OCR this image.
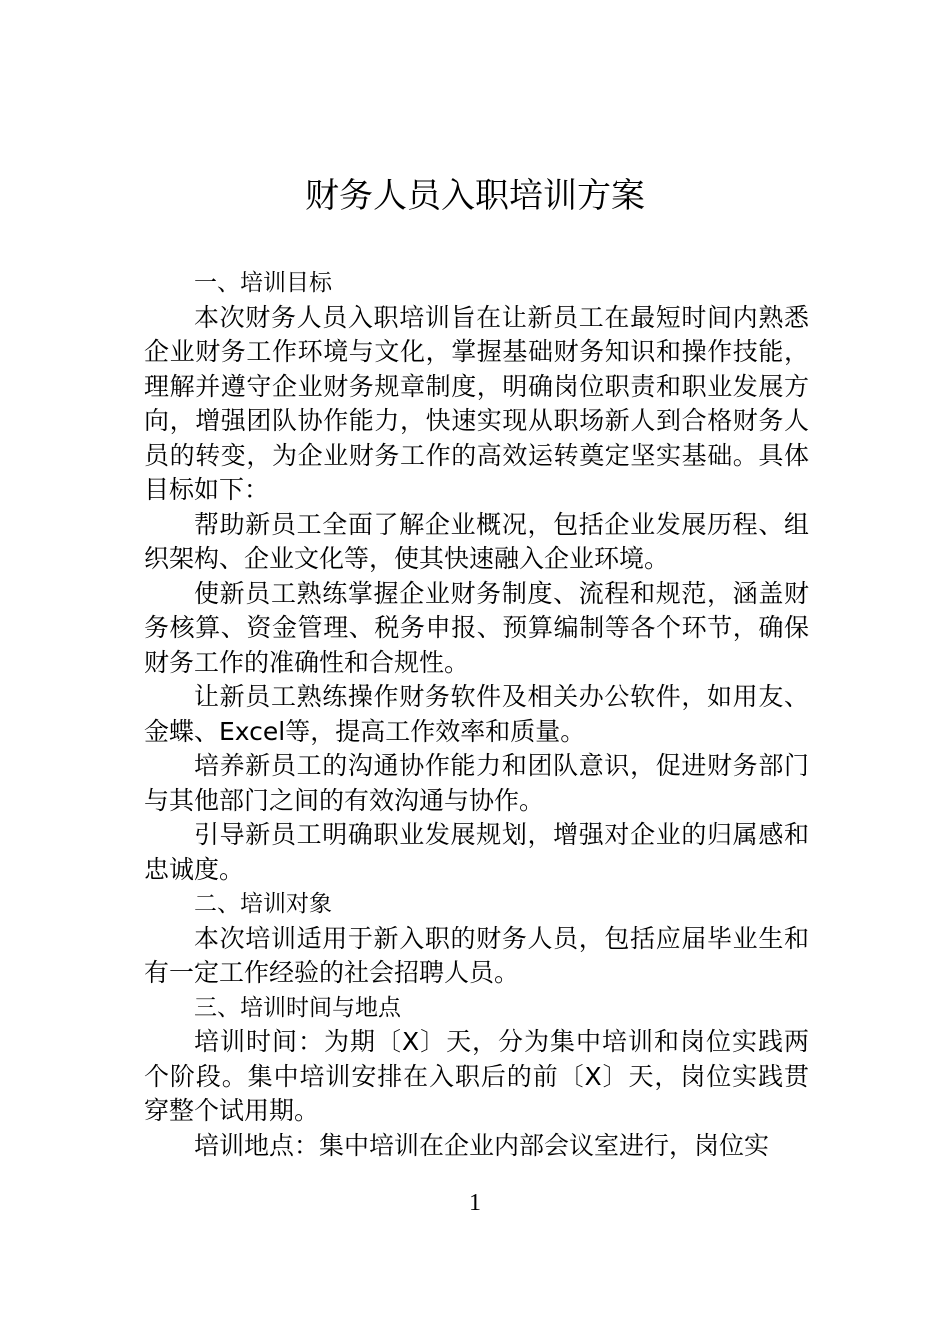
财务人员入职培训方案

一、培训目标

本次财务人员入职培训旨在让新员工在最短时间内熟悉企业财务工作环境与文化，掌握基础财务知识和操作技能，理解并遵守企业财务规章制度，明确岗位职责和职业发展方向，增强团队协作能力，快速实现从职场新人到合格财务人员的转变，为企业财务工作的高效运转奠定坚实基础。具体目标如下：

帮助新员工全面了解企业概况，包括企业发展历程、组织架构、企业文化等，使其快速融入企业环境。

使新员工熟练掌握企业财务制度、流程和规范，涵盖财务核算、资金管理、税务申报、预算编制等各个环节，确保财务工作的准确性和合规性。

让新员工熟练操作财务软件及相关办公软件，如用友、金蝶、Excel等，提高工作效率和质量。

培养新员工的沟通协作能力和团队意识，促进财务部门与其他部门之间的有效沟通与协作。

引导新员工明确职业发展规划，增强对企业的归属感和忠诚度。

二、培训对象

本次培训适用于新入职的财务人员，包括应届毕业生和有一定工作经验的社会招聘人员。

三、培训时间与地点

培训时间：为期〔X〕天，分为集中培训和岗位实践两个阶段。集中培训安排在入职后的前〔X〕天，岗位实践贯穿整个试用期。

培训地点：集中培训在企业内部会议室进行，岗位实

1
